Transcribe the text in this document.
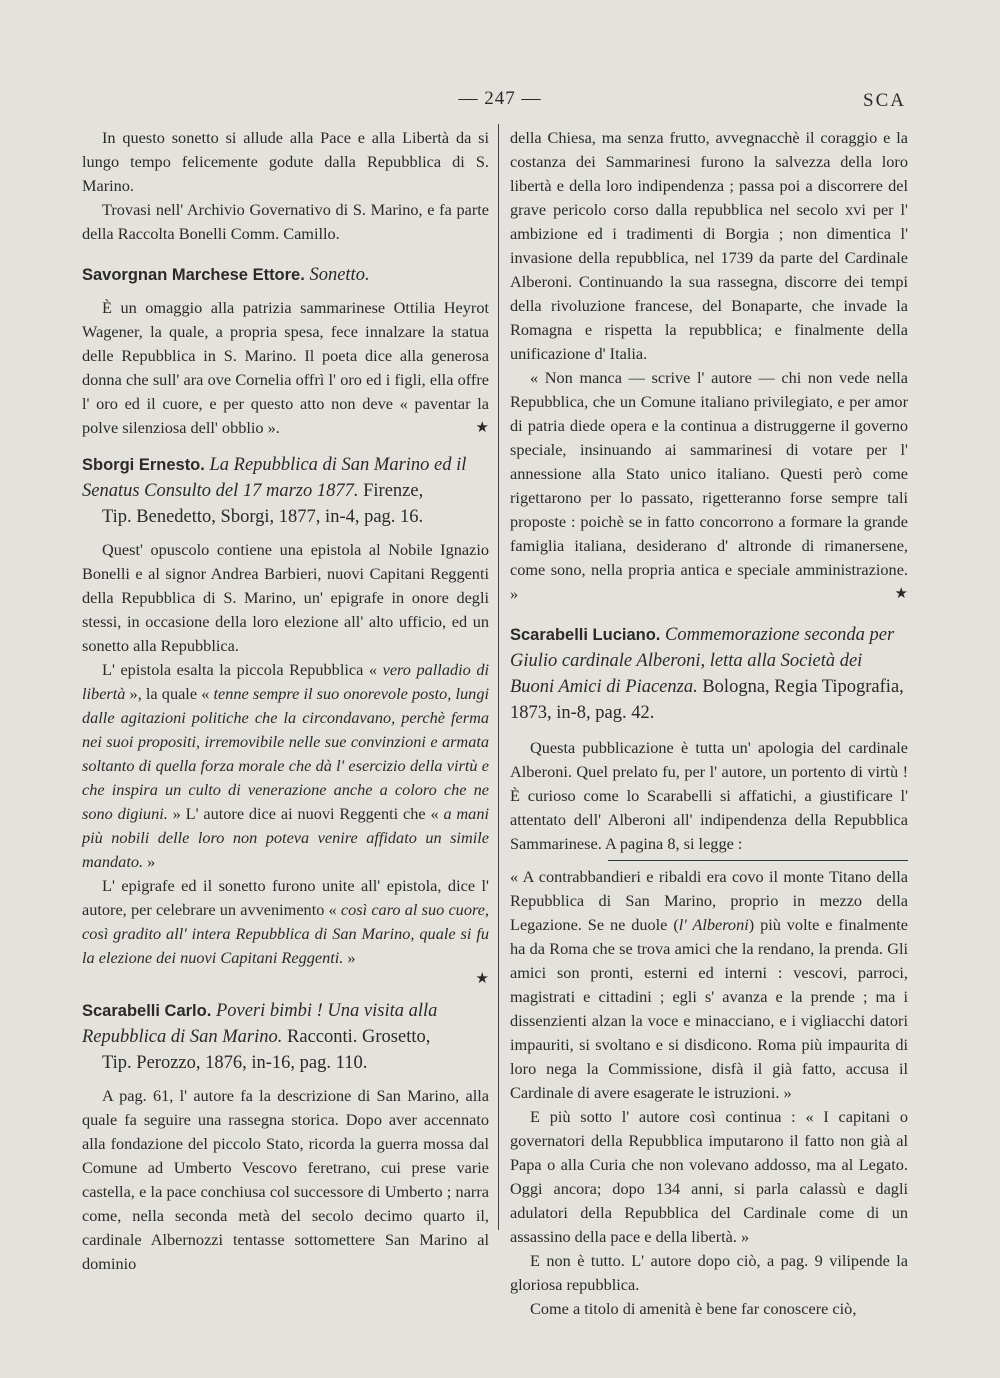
— 247 —	SCA

In questo sonetto si allude alla Pace e alla Libertà da si lungo tempo felicemente godute dalla Repubblica di S. Marino.

Trovasi nell' Archivio Governativo di S. Marino, e fa parte della Raccolta Bonelli Comm. Camillo.

Savorgnan Marchese Ettore. Sonetto.

È un omaggio alla patrizia sammarinese Ottilia Heyrot Wagener, la quale, a propria spesa, fece innalzare la statua delle Repubblica in S. Marino. Il poeta dice alla generosa donna che sull' ara ove Cornelia offrì l' oro ed i figli, ella offre l' oro ed il cuore, e per questo atto non deve « paventar la polve silenziosa dell' obblio ».	★

Sborgi Ernesto. La Repubblica di San Marino ed il Senatus Consulto del 17 marzo 1877. Firenze,
Tip. Benedetto, Sborgi, 1877, in-4, pag. 16.

Quest' opuscolo contiene una epistola al Nobile Ignazio Bonelli e al signor Andrea Barbieri, nuovi Capitani Reggenti della Repubblica di S. Marino, un' epigrafe in onore degli stessi, in occasione della loro elezione all' alto ufficio, ed un sonetto alla Repubblica.

L' epistola esalta la piccola Repubblica « vero palladio di libertà », la quale « tenne sempre il suo onorevole posto, lungi dalle agitazioni politiche che la circondavano, perchè ferma nei suoi propositi, irremovibile nelle sue convinzioni e armata soltanto di quella forza morale che dà l' esercizio della virtù e che inspira un culto di venerazione anche a coloro che ne sono digiuni. » L' autore dice ai nuovi Reggenti che « a mani più nobili delle loro non poteva venire affidato un simile mandato. »

L' epigrafe ed il sonetto furono unite all' epistola, dice l' autore, per celebrare un avvenimento « così caro al suo cuore, così gradito all' intera Repubblica di San Marino, quale si fu la elezione dei nuovi Capitani Reggenti. »

★
Scarabelli Carlo. Poveri bimbi ! Una visita alla Repubblica di San Marino. Racconti. Grosetto,
Tip. Perozzo, 1876, in-16, pag. 110.

A pag. 61, l' autore fa la descrizione di San Marino, alla quale fa seguire una rassegna storica. Dopo aver accennato alla fondazione del piccolo Stato, ricorda la guerra mossa dal Comune ad Umberto Vescovo feretrano, cui prese varie castella, e la pace conchiusa col successore di Umberto ; narra come, nella seconda metà del secolo decimo quarto il, cardinale Albernozzi tentasse sottomettere San Marino al dominio

della Chiesa, ma senza frutto, avvegnacchè il coraggio e la costanza dei Sammarinesi furono la salvezza della loro libertà e della loro indipendenza ; passa poi a discorrere del grave pericolo corso dalla repubblica nel secolo xvi per l' ambizione ed i tradimenti di Borgia ; non dimentica l' invasione della repubblica, nel 1739 da parte del Cardinale Alberoni. Continuando la sua rassegna, discorre dei tempi della rivoluzione francese, del Bonaparte, che invade la Romagna e rispetta la repubblica; e finalmente della unificazione d' Italia.

« Non manca — scrive l' autore — chi non vede nella Repubblica, che un Comune italiano privilegiato, e per amor di patria diede opera e la continua a distruggerne il governo speciale, insinuando ai sammarinesi di votare per l' annessione alla Stato unico italiano. Questi però come rigettarono per lo passato, rigetteranno forse sempre tali proposte : poichè se in fatto concorrono a formare la grande famiglia italiana, desiderano d' altronde di rimanersene, come sono, nella propria antica e speciale amministrazione. »	★

Scarabelli Luciano. Commemorazione seconda per Giulio cardinale Alberoni, letta alla Società dei Buoni Amici di Piacenza. Bologna, Regia Tipografia, 1873, in-8, pag. 42.

Questa pubblicazione è tutta un' apologia del cardinale Alberoni. Quel prelato fu, per l' autore, un portento di virtù ! È curioso come lo Scarabelli si affatichi, a giustificare l' attentato dell' Alberoni all' indipendenza della Repubblica Sammarinese. A pagina 8, si legge :

« A contrabbandieri e ribaldi era covo il monte Titano della Repubblica di San Marino, proprio in mezzo della Legazione. Se ne duole (l' Alberoni) più volte e finalmente ha da Roma che se trova amici che la rendano, la prenda. Gli amici son pronti, esterni ed interni : vescovi, parroci, magistrati e cittadini ; egli s' avanza e la prende ; ma i dissenzienti alzan la voce e minacciano, e i vigliacchi datori impauriti, si svoltano e si disdicono. Roma più impaurita di loro nega la Commissione, disfà il già fatto, accusa il Cardinale di avere esagerate le istruzioni. »

E più sotto l' autore così continua : « I capitani o governatori della Repubblica imputarono il fatto non già al Papa o alla Curia che non volevano addosso, ma al Legato. Oggi ancora; dopo 134 anni, si parla calassù e dagli adulatori della Repubblica del Cardinale come di un assassino della pace e della libertà. »

E non è tutto. L' autore dopo ciò, a pag. 9 vilipende la gloriosa repubblica.

Come a titolo di amenità è bene far conoscere ciò,
